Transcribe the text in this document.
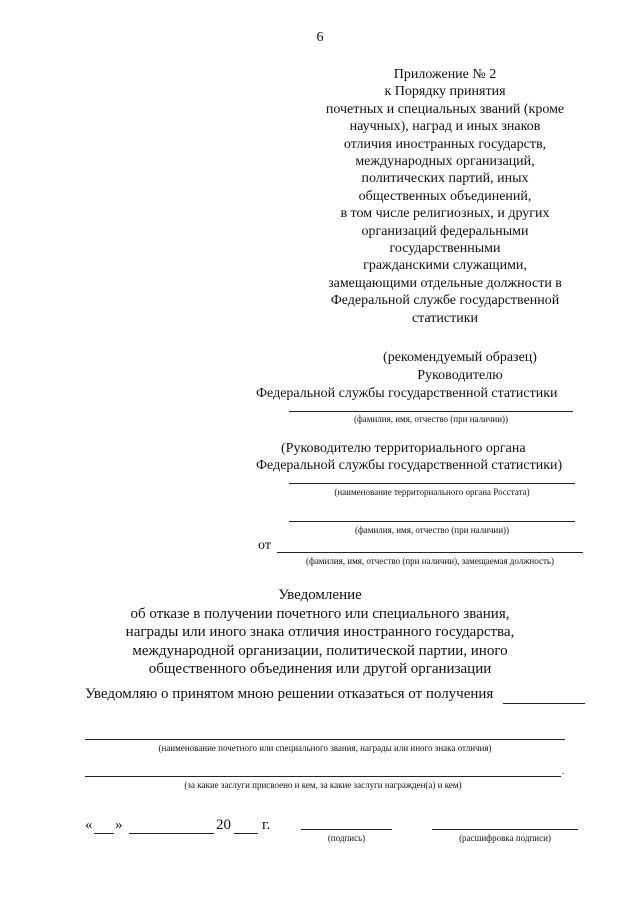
6
Приложение № 2
к Порядку принятия
почетных и специальных званий (кроме
научных), наград и иных знаков
отличия иностранных государств,
международных организаций,
политических партий, иных
общественных объединений,
в том числе религиозных, и других
организаций федеральными
государственными
гражданскими служащими,
замещающими отдельные должности в
Федеральной службе государственной
статистики
(рекомендуемый образец)
Руководителю
Федеральной службы государственной статистики
(фамилия, имя, отчество (при наличии))
(Руководителю территориального органа
Федеральной службы государственной статистики)
(наименование территориального органа Росстата)
(фамилия, имя, отчество (при наличии))
от
(фамилия, имя, отчество (при наличии), замещаемая должность)
Уведомление
об отказе в получении почетного или специального звания,
награды или иного знака отличия иностранного государства,
международной организации, политической партии, иного
общественного объединения или другой организации
Уведомляю о принятом мною решении отказаться от получения
(наименование почетного или специального звания, награды или иного знака отличия)
.
(за какие заслуги присвоено и кем, за какие заслуги награжден(а) и кем)
« »	20 г.
(подпись)	(расшифровка подписи)
